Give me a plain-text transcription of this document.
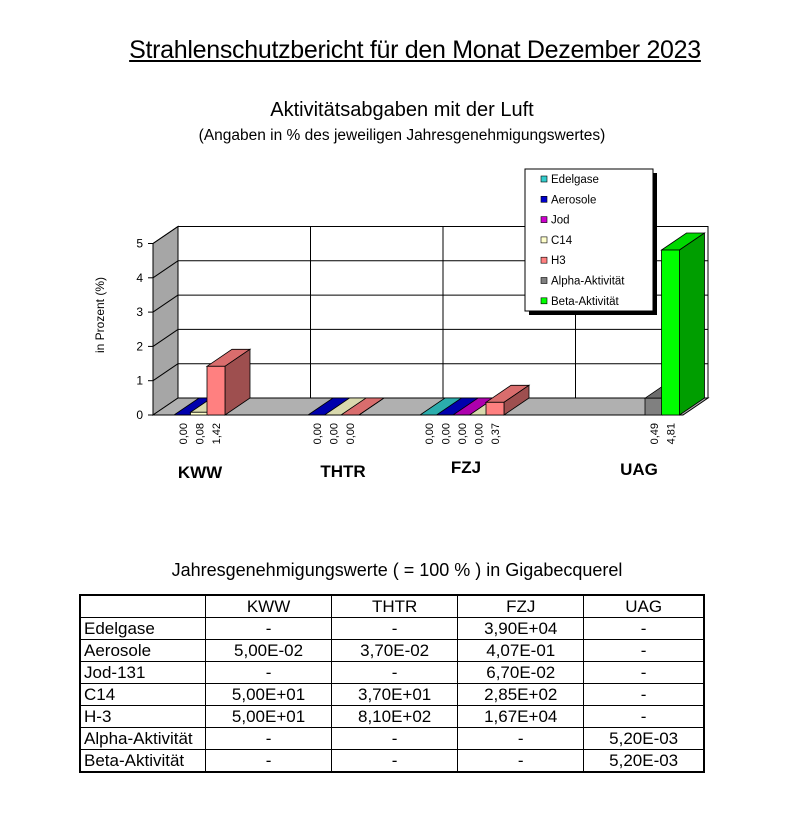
Strahlenschutzbericht für den Monat Dezember 2023
Aktivitätsabgaben mit der Luft
(Angaben in % des jeweiligen Jahresgenehmigungswertes)
0
1
2
3
4
5
in Prozent (%)
0,00 0,08 1,42	0,00 0,00 0,00	0,00 0,00 0,00 0,00 0,37	0,49 4,81
KWW	THTR	FZJ	UAG
Edelgase
Aerosole
Jod
C14
H3
Alpha-Aktivität
Beta-Aktivität
Jahresgenehmigungswerte ( = 100 % ) in Gigabecquerel
	KWW	THTR	FZJ	UAG
Edelgase	-	-	3,90E+04	-
Aerosole	5,00E-02	3,70E-02	4,07E-01	-
Jod-131	-	-	6,70E-02	-
C14	5,00E+01	3,70E+01	2,85E+02	-
H-3	5,00E+01	8,10E+02	1,67E+04	-
Alpha-Aktivität	-	-	-	5,20E-03
Beta-Aktivität	-	-	-	5,20E-03
